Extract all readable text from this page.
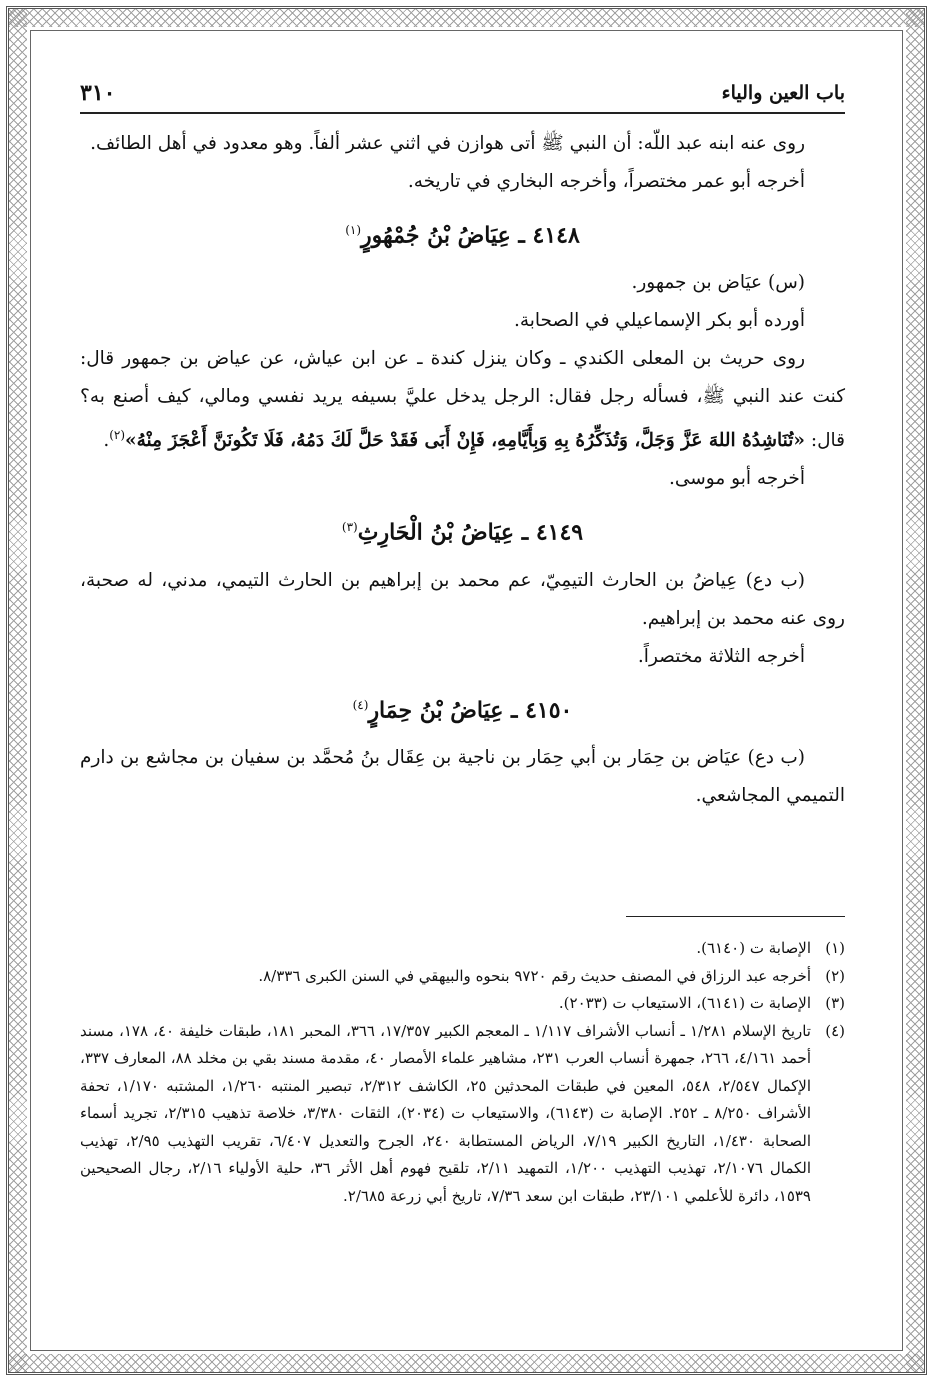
باب العين والياء
٣١٠

روى عنه ابنه عبد اللّه: أن النبي ﷺ أتى هوازن في اثني عشر ألفاً. وهو معدود في أهل الطائف.

أخرجه أبو عمر مختصراً، وأخرجه البخاري في تاريخه.

٤١٤٨ ـ عِيَاضُ بْنُ جُمْهُورٍ$^{(١)}$

(س) عيَاض بن جمهور.

أورده أبو بكر الإسماعيلي في الصحابة.

روى حريث بن المعلى الكندي ـ وكان ينزل كندة ـ عن ابن عياش، عن عياض بن جمهور قال: كنت عند النبي ﷺ، فسأله رجل فقال: الرجل يدخل عليَّ بسيفه يريد نفسي ومالي، كيف أصنع به؟ قال: «تُنَاشِدُهُ اللهَ عَزَّ وَجَلَّ، وَتُذَكِّرُهُ بِهِ وَبِأَيَّامِهِ، فَإِنْ أَبَى فَقَدْ حَلَّ لَكَ دَمُهُ، فَلَا تَكُونَنَّ أَعْجَزَ مِنْهُ»$^{(٢)}$.

أخرجه أبو موسى.

٤١٤٩ ـ عِيَاضُ بْنُ الْحَارِثِ$^{(٣)}$

(ب دع) عِياضُ بن الحارث التيمِيّ، عم محمد بن إبراهيم بن الحارث التيمي، مدني، له صحبة، روى عنه محمد بن إبراهيم.

أخرجه الثلاثة مختصراً.

٤١٥٠ ـ عِيَاضُ بْنُ حِمَارٍ$^{(٤)}$

(ب دع) عيَاض بن حِمَار بن أبي حِمَار بن ناجية بن عِقَال بنُ مُحمَّد بن سفيان بن مجاشع بن دارم التميمي المجاشعي.

(١)
الإصابة ت (٦١٤٠).
(٢)
أخرجه عبد الرزاق في المصنف حديث رقم ٩٧٢٠ بنحوه والبيهقي في السنن الكبرى ٨/٣٣٦.
(٣)
الإصابة ت (٦١٤١)، الاستيعاب ت (٢٠٣٣).
(٤)
تاريخ الإسلام ١/٢٨١ ـ أنساب الأشراف ١/١١٧ ـ المعجم الكبير ١٧/٣٥٧، ٣٦٦، المحبر ١٨١، طبقات خليفة ٤٠، ١٧٨، مسند أحمد ٤/١٦١، ٢٦٦، جمهرة أنساب العرب ٢٣١، مشاهير علماء الأمصار ٤٠، مقدمة مسند بقي بن مخلد ٨٨، المعارف ٣٣٧، الإكمال ٢/٥٤٧، ٥٤٨، المعين في طبقات المحدثين ٢٥، الكاشف ٢/٣١٢، تبصير المنتبه ١/٢٦٠، المشتبه ١/١٧٠، تحفة الأشراف ٨/٢٥٠ ـ ٢٥٢. الإصابة ت (٦١٤٣)، والاستيعاب ت (٢٠٣٤)، الثقات ٣/٣٨٠، خلاصة تذهيب ٢/٣١٥، تجريد أسماء الصحابة ١/٤٣٠، التاريخ الكبير ٧/١٩، الرياض المستطابة ٢٤٠، الجرح والتعديل ٦/٤٠٧، تقريب التهذيب ٢/٩٥، تهذيب الكمال ٢/١٠٧٦، تهذيب التهذيب ١/٢٠٠، التمهيد ٢/١١، تلقيح فهوم أهل الأثر ٣٦، حلية الأولياء ٢/١٦، رجال الصحيحين ١٥٣٩، دائرة للأعلمي ٢٣/١٠١، طبقات ابن سعد ٧/٣٦، تاريخ أبي زرعة ٢/٦٨٥.
